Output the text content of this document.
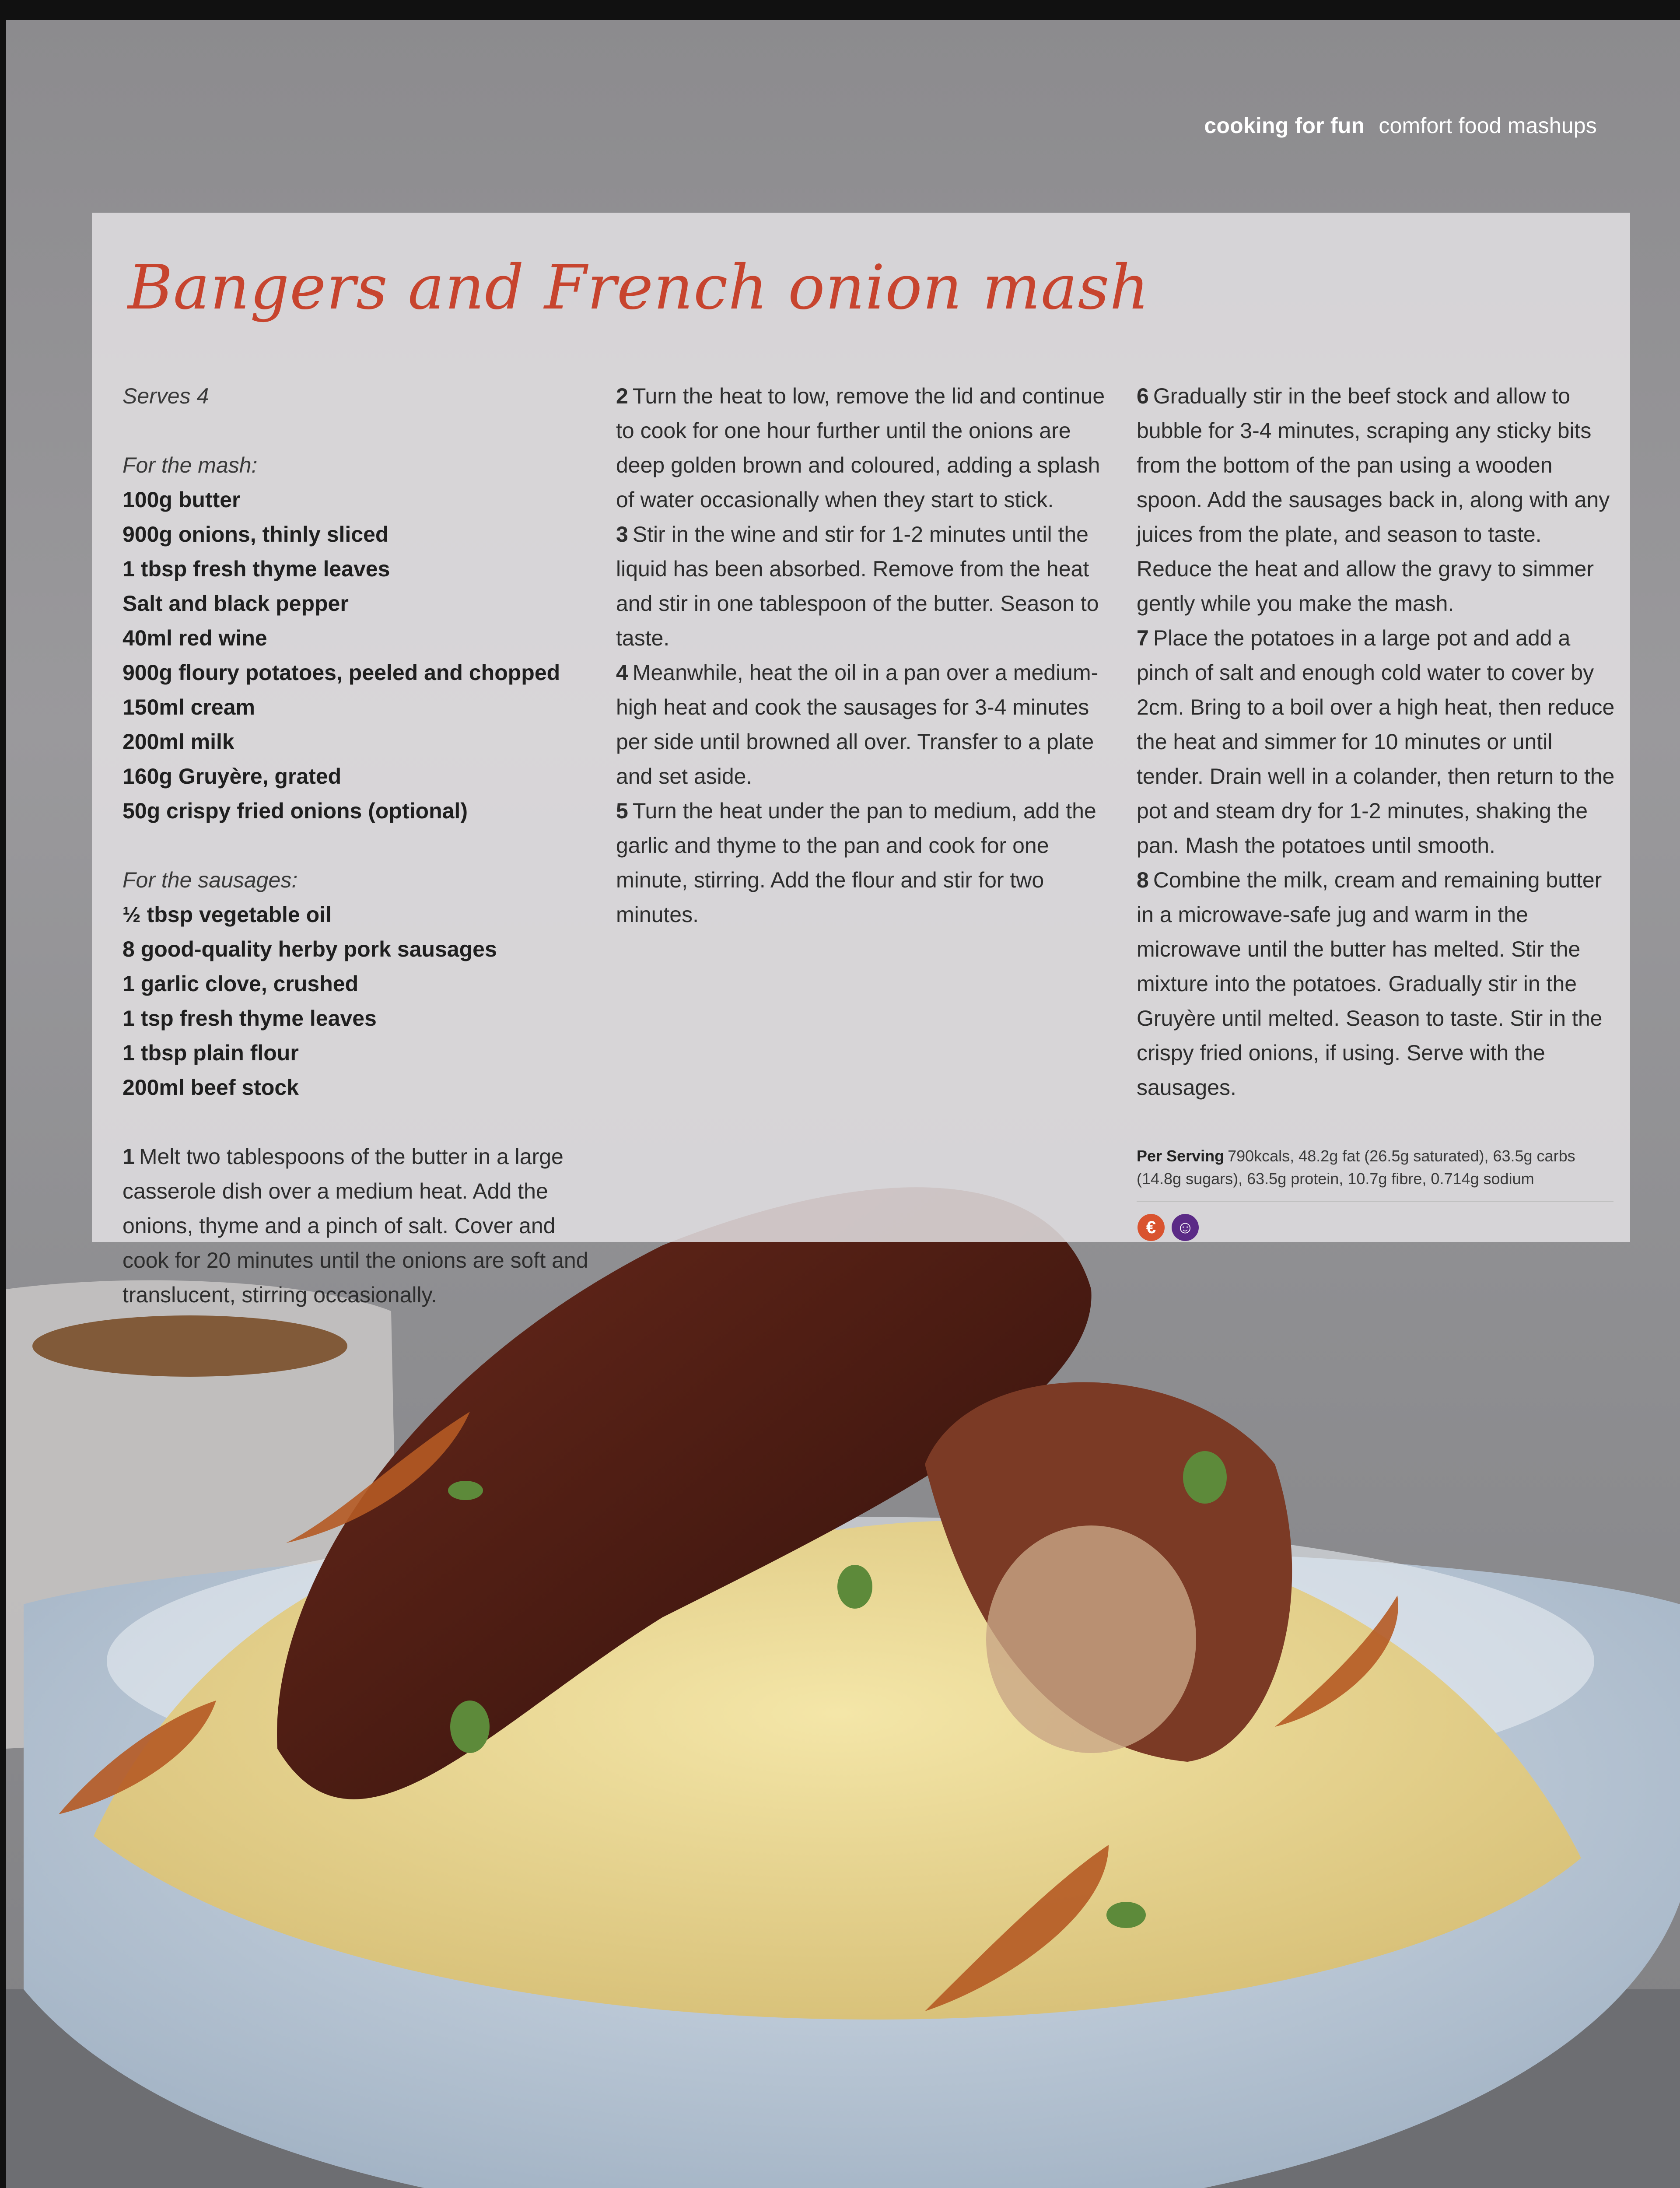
cooking for fun comfort food mashups
Bangers and French onion mash
Serves 4
For the mash:
100g butter
900g onions, thinly sliced
1 tbsp fresh thyme leaves
Salt and black pepper
40ml red wine
900g floury potatoes, peeled and chopped
150ml cream
200ml milk
160g Gruyère, grated
50g crispy fried onions (optional)
For the sausages:
½ tbsp vegetable oil
8 good-quality herby pork sausages
1 garlic clove, crushed
1 tsp fresh thyme leaves
1 tbsp plain flour
200ml beef stock

1 Melt two tablespoons of the butter in a large casserole dish over a medium heat. Add the onions, thyme and a pinch of salt. Cover and cook for 20 minutes until the onions are soft and translucent, stirring occasionally.

2 Turn the heat to low, remove the lid and continue to cook for one hour further until the onions are deep golden brown and coloured, adding a splash of water occasionally when they start to stick.

3 Stir in the wine and stir for 1-2 minutes until the liquid has been absorbed. Remove from the heat and stir in one tablespoon of the butter. Season to taste.

4 Meanwhile, heat the oil in a pan over a medium-high heat and cook the sausages for 3-4 minutes per side until browned all over. Transfer to a plate and set aside.

5 Turn the heat under the pan to medium, add the garlic and thyme to the pan and cook for one minute, stirring. Add the flour and stir for two minutes.

6 Gradually stir in the beef stock and allow to bubble for 3-4 minutes, scraping any sticky bits from the bottom of the pan using a wooden spoon. Add the sausages back in, along with any juices from the plate, and season to taste. Reduce the heat and allow the gravy to simmer gently while you make the mash.

7 Place the potatoes in a large pot and add a pinch of salt and enough cold water to cover by 2cm. Bring to a boil over a high heat, then reduce the heat and simmer for 10 minutes or until tender. Drain well in a colander, then return to the pot and steam dry for 1-2 minutes, shaking the pan. Mash the potatoes until smooth.

8 Combine the milk, cream and remaining butter in a microwave-safe jug and warm in the microwave until the butter has melted. Stir the mixture into the potatoes. Gradually stir in the Gruyère until melted. Season to taste. Stir in the crispy fried onions, if using. Serve with the sausages.

Per Serving 790kcals, 48.2g fat (26.5g saturated), 63.5g carbs (14.8g sugars), 63.5g protein, 10.7g fibre, 0.714g sodium
€	☺
